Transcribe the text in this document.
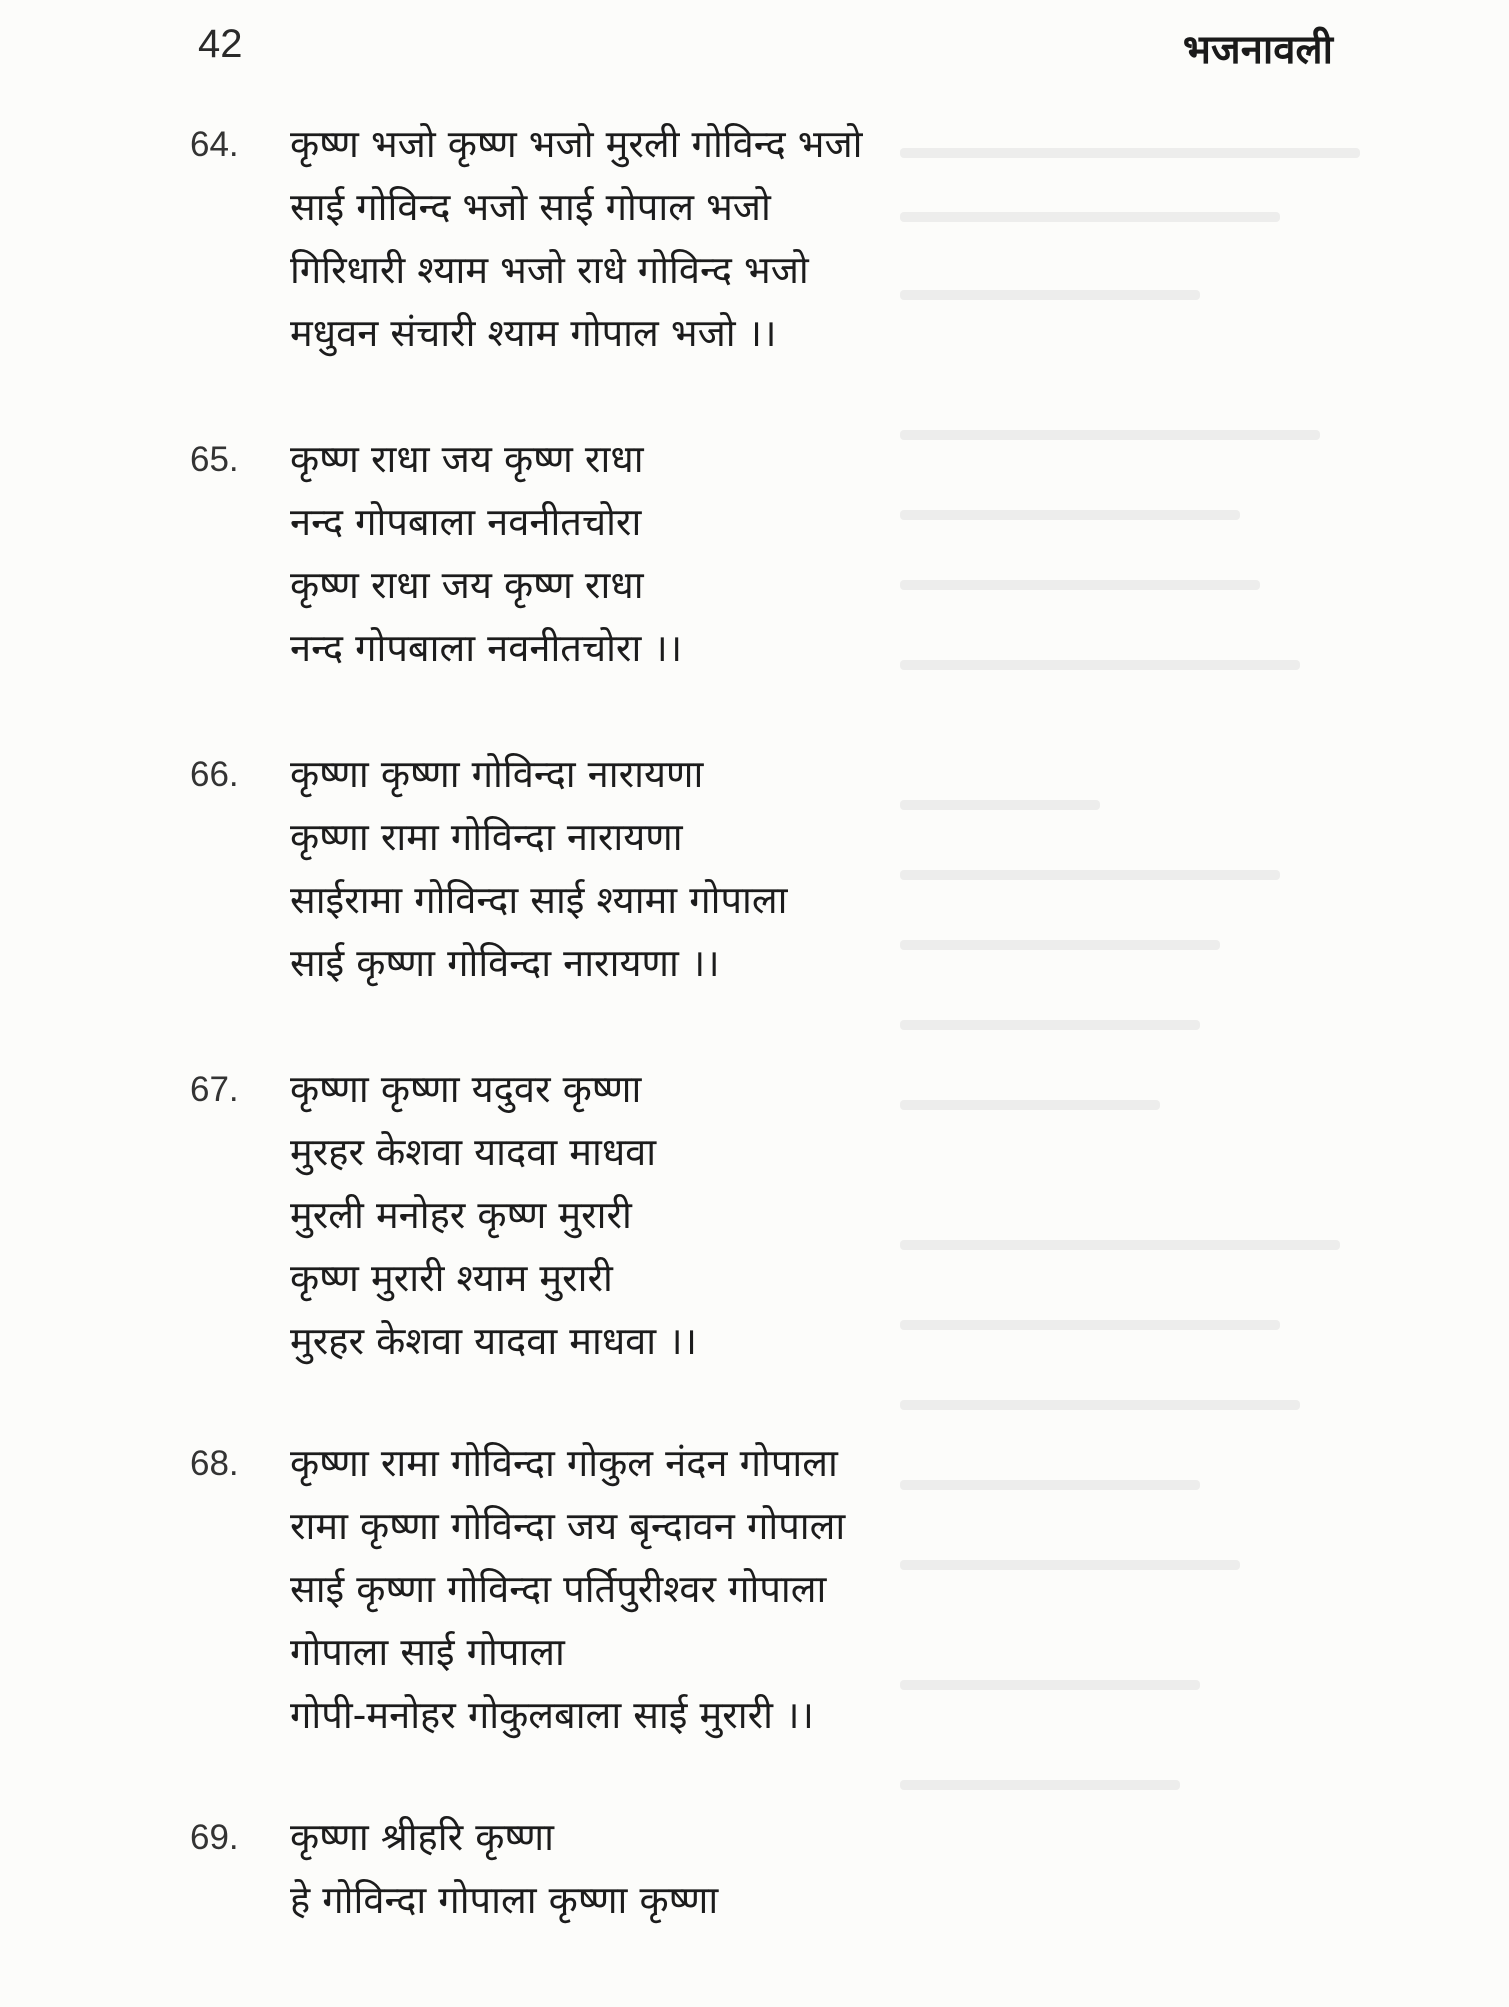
42	भजनावली
64.	कृष्ण भजो कृष्ण भजो मुरली गोविन्द भजो
साई गोविन्द भजो साई गोपाल भजो
गिरिधारी श्याम भजो राधे गोविन्द भजो
मधुवन संचारी श्याम गोपाल भजो ।।
65.	कृष्ण राधा जय कृष्ण राधा
नन्द गोपबाला नवनीतचोरा
कृष्ण राधा जय कृष्ण राधा
नन्द गोपबाला नवनीतचोरा ।।
66.	कृष्णा कृष्णा गोविन्दा नारायणा
कृष्णा रामा गोविन्दा नारायणा
साईरामा गोविन्दा साई श्यामा गोपाला
साई कृष्णा गोविन्दा नारायणा ।।
67.	कृष्णा कृष्णा यदुवर कृष्णा
मुरहर केशवा यादवा माधवा
मुरली मनोहर कृष्ण मुरारी
कृष्ण मुरारी श्याम मुरारी
मुरहर केशवा यादवा माधवा ।।
68.	कृष्णा रामा गोविन्दा गोकुल नंदन गोपाला
रामा कृष्णा गोविन्दा जय बृन्दावन गोपाला
साई कृष्णा गोविन्दा पर्तिपुरीश्वर गोपाला
गोपाला साई गोपाला
गोपी-मनोहर गोकुलबाला साई मुरारी ।।
69.	कृष्णा श्रीहरि कृष्णा
हे गोविन्दा गोपाला कृष्णा कृष्णा
